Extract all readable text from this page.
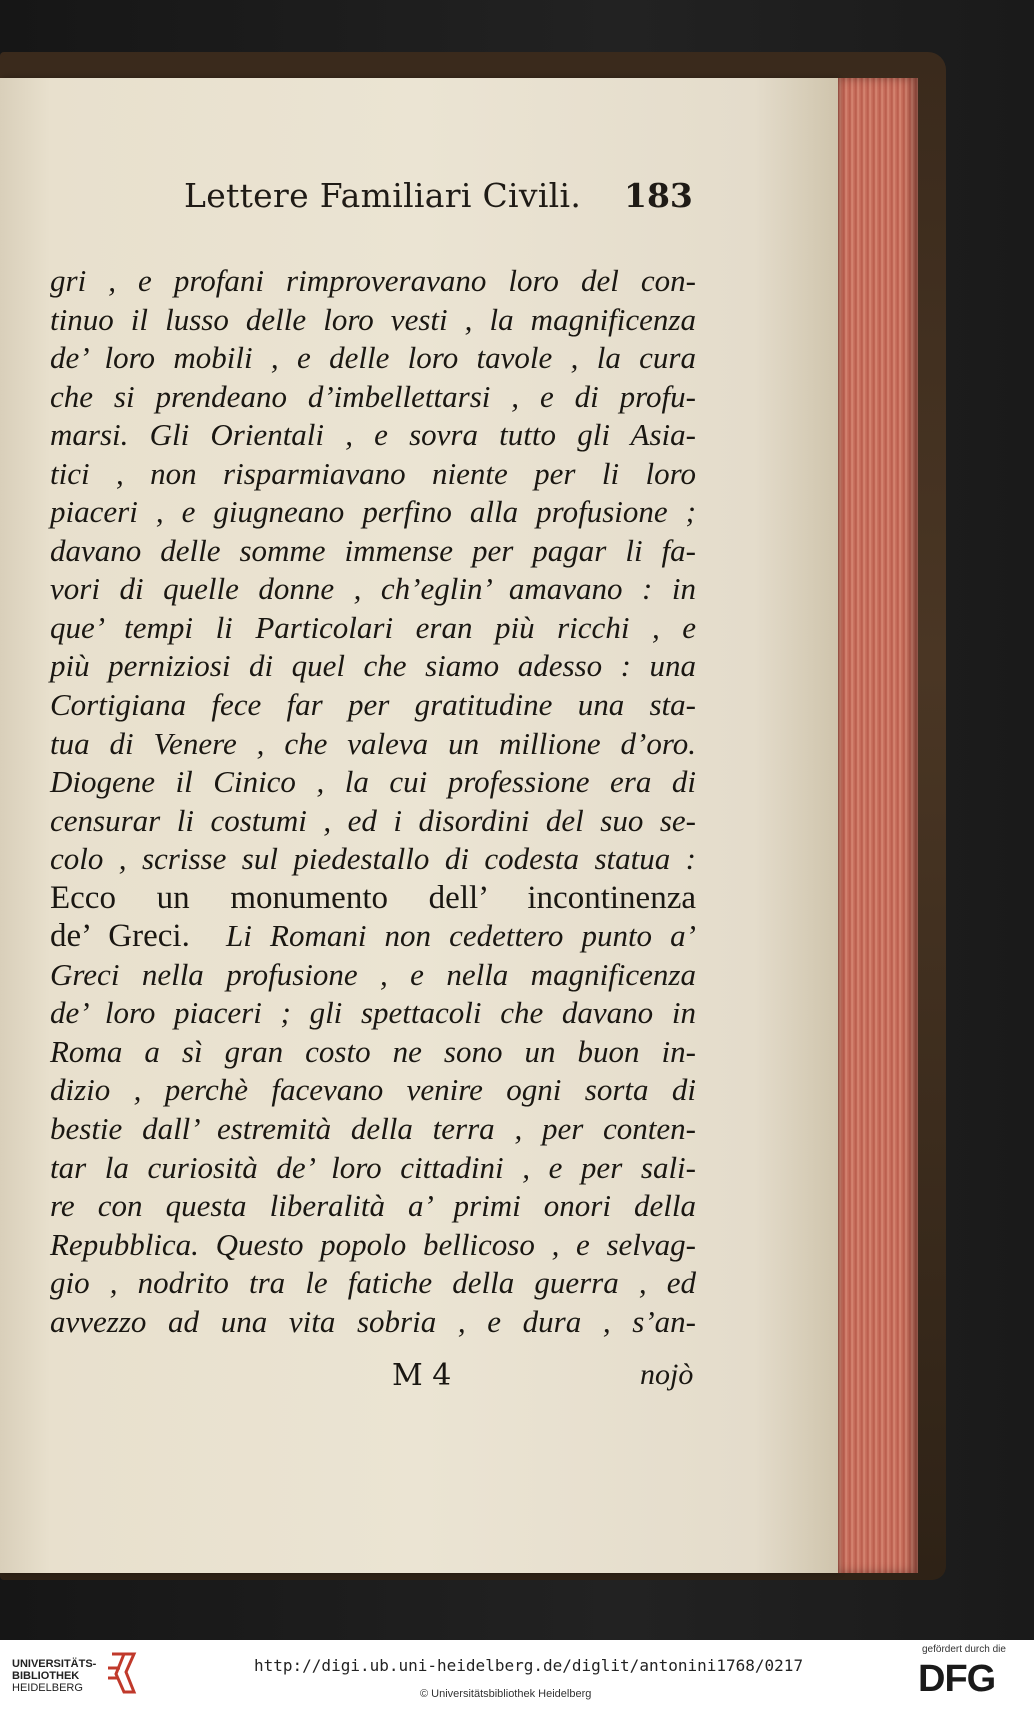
Lettere Familiari Civili.	183
gri , e profani rimproveravano loro del con-
tinuo il lusso delle loro vesti , la magnificenza
de’ loro mobili , e delle loro tavole , la cura
che si prendeano d’imbellettarsi , e di profu-
marsi. Gli Orientali , e sovra tutto gli Asia-
tici , non risparmiavano niente per li loro
piaceri , e giugneano perfino alla profusione ;
davano delle somme immense per pagar li fa-
vori di quelle donne , ch’eglin’ amavano : in
que’ tempi li Particolari eran più ricchi , e
più perniziosi di quel che siamo adesso : una
Cortigiana fece far per gratitudine una sta-
tua di Venere , che valeva un millione d’oro.
Diogene il Cinico , la cui professione era di
censurar li costumi , ed i disordini del suo se-
colo , scrisse sul piedestallo di codesta statua :
Ecco un monumento dell’ incontinenza
de’ Greci. Li Romani non cedettero punto a’
Greci nella profusione , e nella magnificenza
de’ loro piaceri ; gli spettacoli che davano in
Roma a sì gran costo ne sono un buon in-
dizio , perchè facevano venire ogni sorta di
bestie dall’ estremità della terra , per conten-
tar la curiosità de’ loro cittadini , e per sali-
re con questa liberalità a’ primi onori della
Repubblica. Questo popolo bellicoso , e selvag-
gio , nodrito tra le fatiche della guerra , ed
avvezzo ad una vita sobria , e dura , s’an-
M 4	nojò
UNIVERSITÄTS-
BIBLIOTHEK
HEIDELBERG
http://digi.ub.uni-heidelberg.de/diglit/antonini1768/0217
© Universitätsbibliothek Heidelberg
gefördert durch die
DFG
